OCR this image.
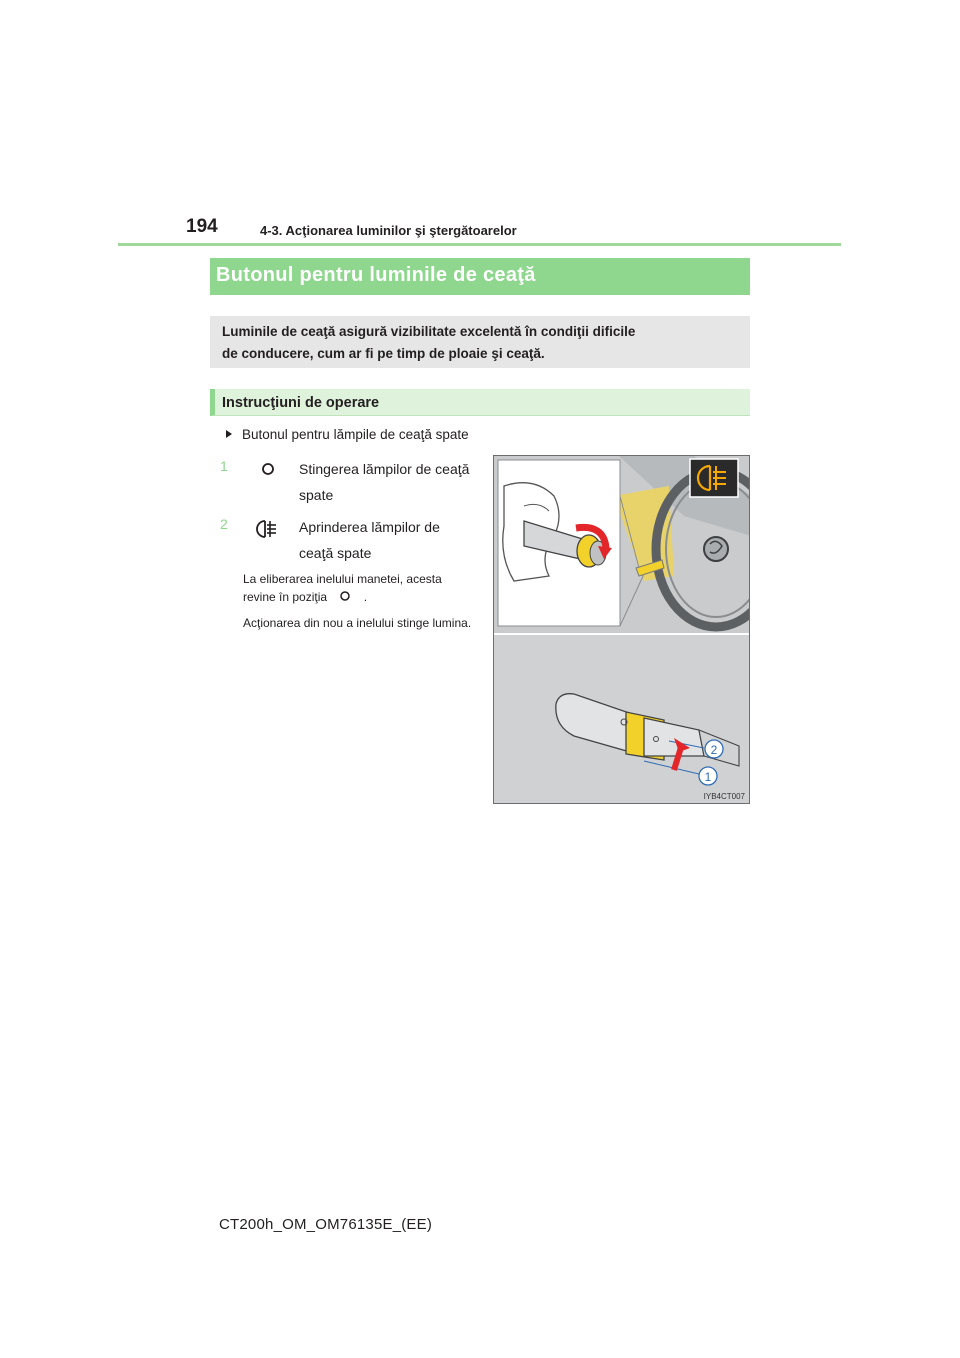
194	4-3. Acţionarea luminilor şi ştergătoarelor
Butonul pentru luminile de ceaţă
Luminile de ceaţă asigură vizibilitate excelentă în condiţii dificile
de conducere, cum ar fi pe timp de ploaie şi ceaţă.
Instrucţiuni de operare
Butonul pentru lămpile de ceaţă spate
1	Stingerea lămpilor de ceaţă
spate
2	Aprinderea lămpilor de
ceaţă spate
La eliberarea inelului manetei, acesta
revine în poziţia	.
Acţionarea din nou a inelului stinge lumina.
2
1
IYB4CT007
CT200h_OM_OM76135E_(EE)
